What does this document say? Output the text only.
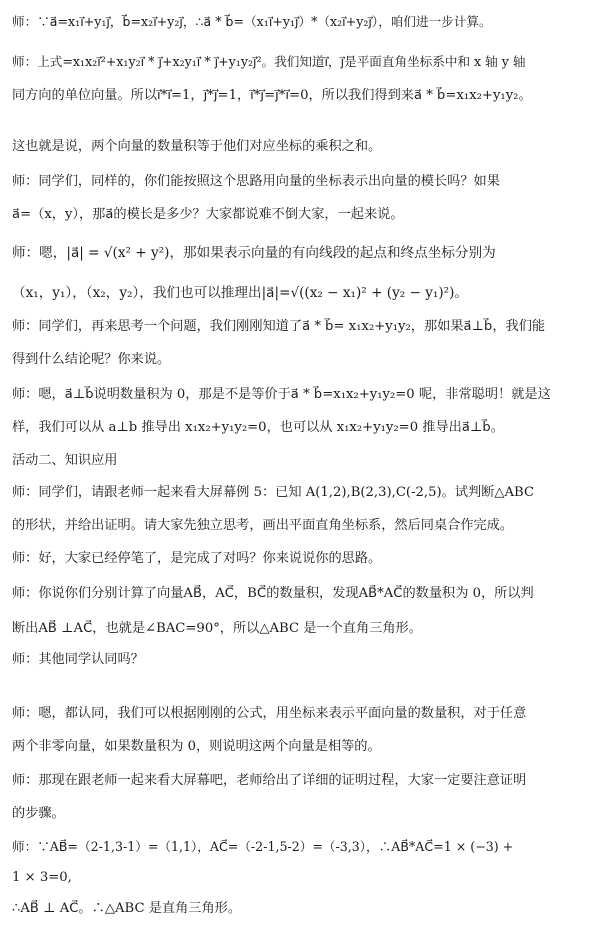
师：∵a⃗=x₁i⃗+y₁j⃗，b⃗=x₂i⃗+y₂j⃗，∴a⃗ * b⃗=（x₁i⃗+y₁j⃗）*（x₂i⃗+y₂j⃗），咱们进一步计算。
师：上式=x₁x₂i⃗²+x₁y₂i⃗ * j⃗+x₂y₁i⃗ * j⃗+y₁y₂j⃗²。我们知道i⃗，j⃗是平面直角坐标系中和 x 轴 y 轴
同方向的单位向量。所以i⃗*i⃗=1，j⃗*j⃗=1，i⃗*j⃗=j⃗*i⃗=0，所以我们得到来a⃗ * b⃗=x₁x₂+y₁y₂。
这也就是说，两个向量的数量积等于他们对应坐标的乘积之和。
师：同学们，同样的，你们能按照这个思路用向量的坐标表示出向量的模长吗？如果
a⃗=（x，y），那a⃗的模长是多少？大家都说难不倒大家，一起来说。
师：嗯，|a⃗| = √(x² + y²)，那如果表示向量的有向线段的起点和终点坐标分别为
（x₁，y₁），（x₂，y₂），我们也可以推理出|a⃗|=√((x₂ − x₁)² + (y₂ − y₁)²)。
师：同学们，再来思考一个问题，我们刚刚知道了a⃗ * b⃗= x₁x₂+y₁y₂，那如果a⃗⊥b⃗，我们能
得到什么结论呢？你来说。
师：嗯，a⃗⊥b⃗说明数量积为 0，那是不是等价于a⃗ * b⃗=x₁x₂+y₁y₂=0 呢，非常聪明！就是这
样，我们可以从 a⊥b 推导出 x₁x₂+y₁y₂=0，也可以从 x₁x₂+y₁y₂=0 推导出a⃗⊥b⃗。
活动二、知识应用
师：同学们，请跟老师一起来看大屏幕例 5：已知 A(1,2),B(2,3),C(-2,5)。试判断△ABC
的形状，并给出证明。请大家先独立思考，画出平面直角坐标系，然后同桌合作完成。
师：好，大家已经停笔了，是完成了对吗？你来说说你的思路。
师：你说你们分别计算了向量AB⃗，AC⃗，BC⃗的数量积，发现AB⃗*AC⃗的数量积为 0，所以判
断出AB⃗ ⊥AC⃗，也就是∠BAC=90°，所以△ABC 是一个直角三角形。
师：其他同学认同吗？
师：嗯，都认同，我们可以根据刚刚的公式，用坐标来表示平面向量的数量积，对于任意
两个非零向量，如果数量积为 0，则说明这两个向量是相等的。
师：那现在跟老师一起来看大屏幕吧，老师给出了详细的证明过程，大家一定要注意证明
的步骤。
师：∵AB⃗=（2-1,3-1）=（1,1），AC⃗=（-2-1,5-2）=（-3,3），∴AB⃗*AC⃗=1 × (−3) +
1 × 3=0,
∴AB⃗ ⊥ AC⃗。∴△ABC 是直角三角形。
